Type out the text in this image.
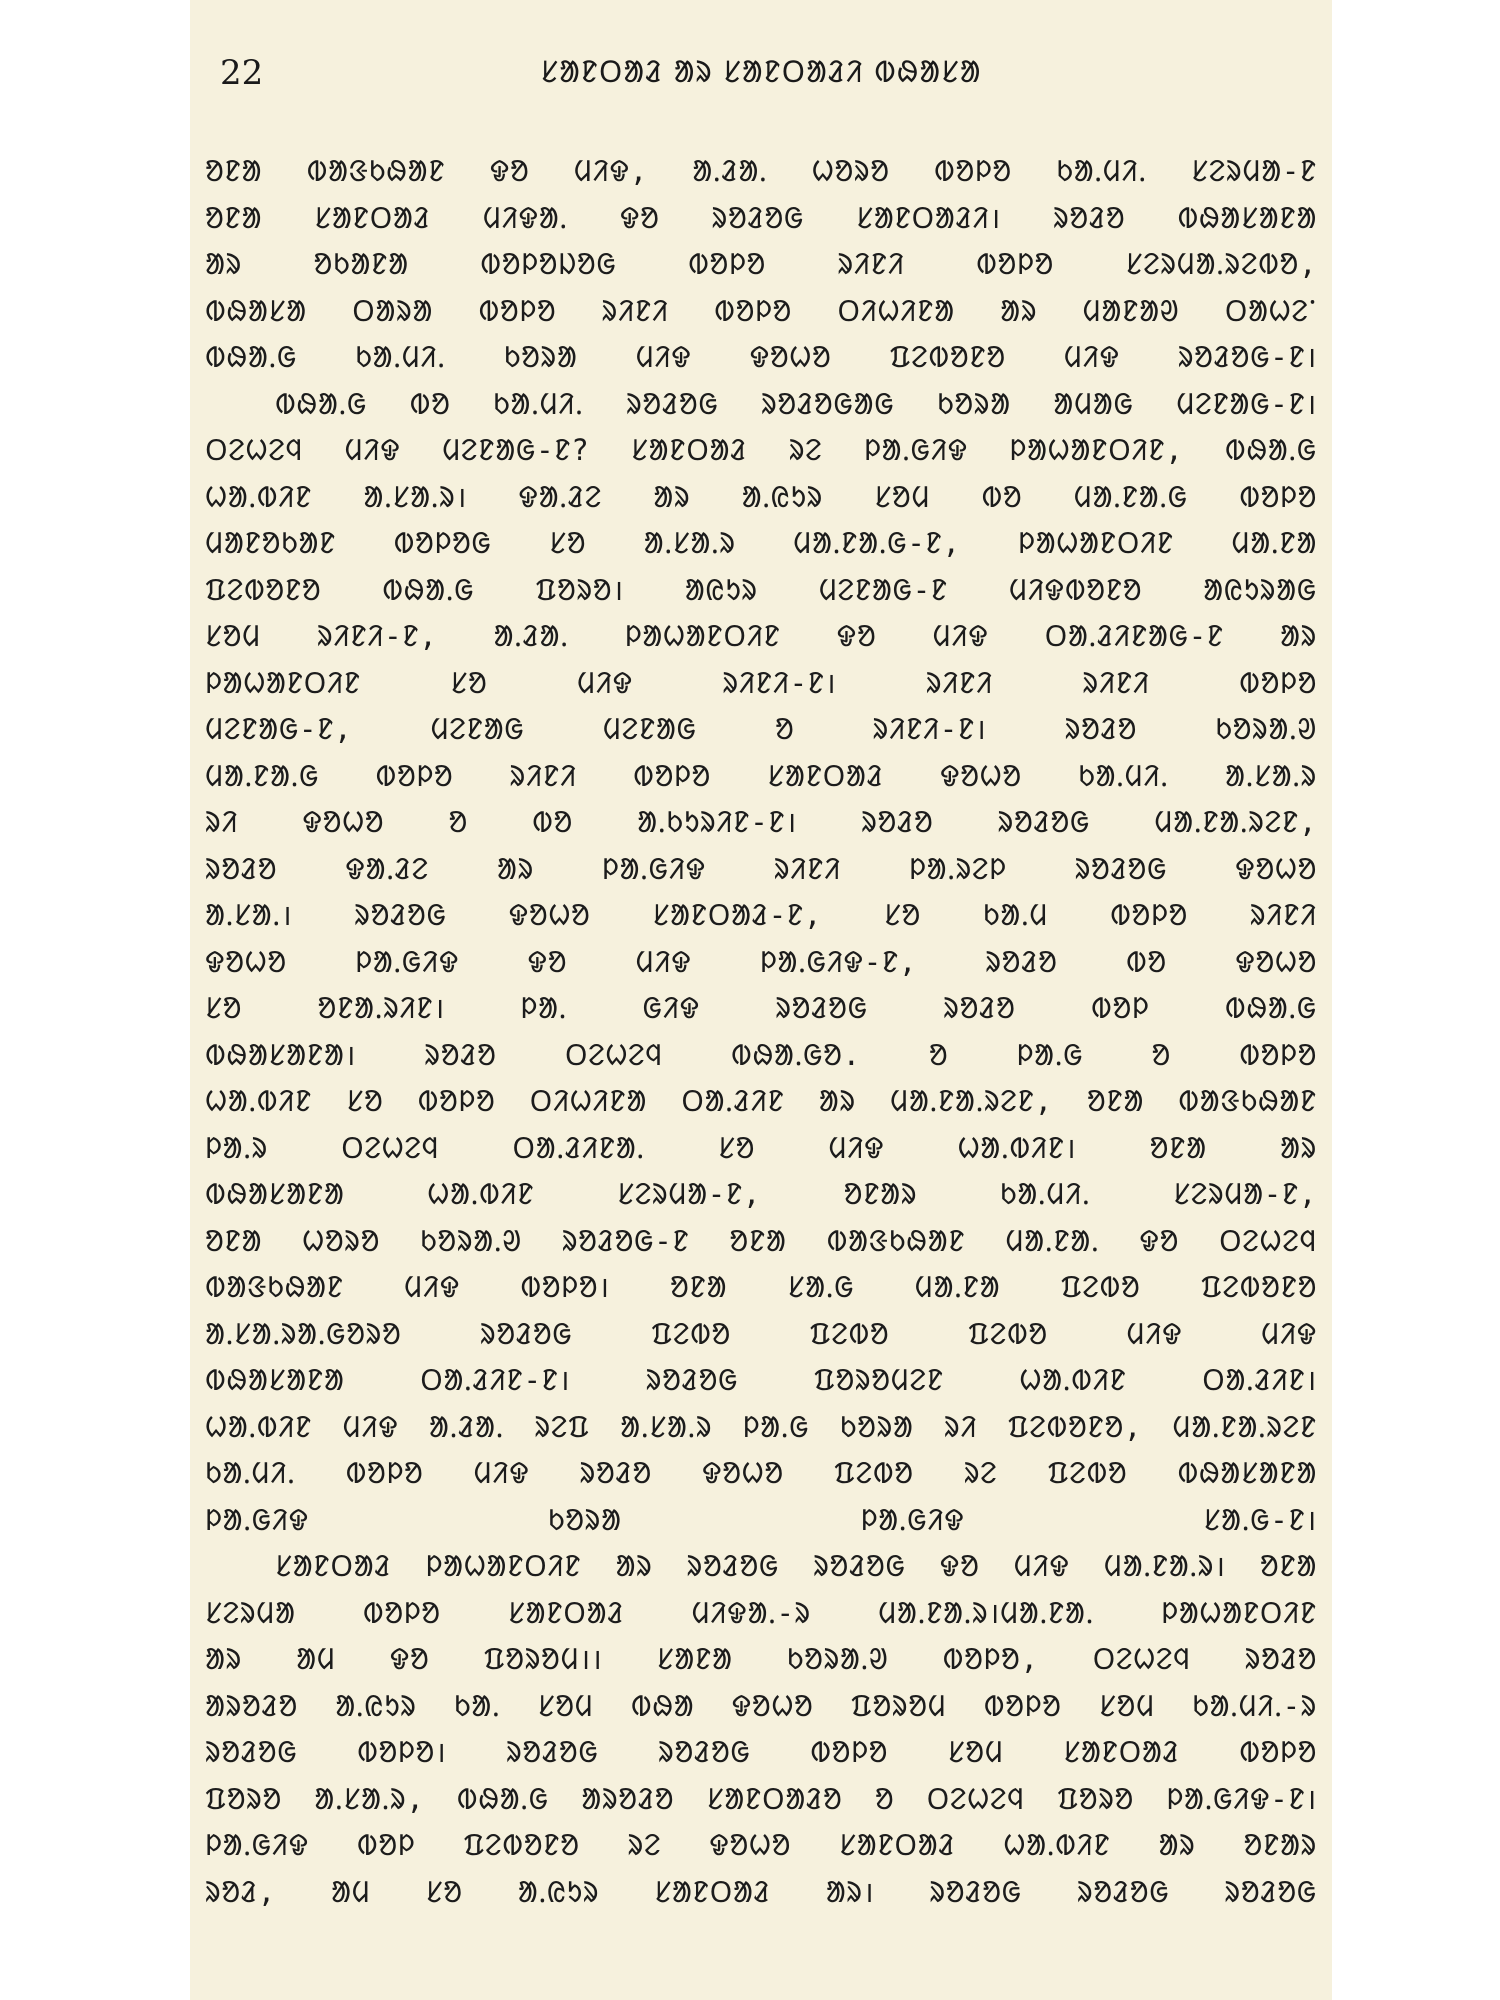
22	ᱥᱟᱱᱛᱟᱲ ᱟᱨ ᱥᱟᱱᱛᱟᱲᱤ ᱵᱷᱟᱥᱟ
ᱚᱱᱟ ᱵᱟᱝᱠᱷᱟᱱ ᱫᱚ ᱢᱤᱫ, ᱟᱹᱲᱟᱹ ᱦᱚᱨᱚ ᱵᱚᱞᱚ ᱠᱟᱹᱢᱤᱹ ᱥᱮᱨᱢᱟ-ᱱ
ᱚᱱᱟ ᱥᱟᱱᱛᱟᱲ ᱢᱤᱫᱟᱹ ᱫᱚ ᱨᱚᱲᱚᱜ ᱥᱟᱱᱛᱟᱲᱤ। ᱨᱚᱲᱚ ᱵᱷᱟᱥᱟᱱᱟ
ᱟᱨ ᱚᱠᱟᱱᱟ ᱵᱚᱞᱚᱡᱚᱜ ᱵᱚᱞᱚ ᱨᱤᱱᱤ ᱵᱚᱞᱚ ᱥᱮᱨᱢᱟᱹᱨᱮᱵᱚ,
ᱵᱷᱟᱥᱟ ᱛᱟᱨᱟ ᱵᱚᱞᱚ ᱨᱤᱱᱤ ᱵᱚᱞᱚ ᱛᱤᱦᱤᱱᱟ ᱟᱨ ᱢᱟᱱᱟᱣ ᱛᱟᱦᱮᱸ
ᱵᱷᱟᱹᱜ ᱠᱟᱹᱢᱤᱹ ᱠᱚᱨᱟ ᱢᱤᱫ ᱫᱚᱦᱚ ᱯᱮᱵᱚᱱᱚ ᱢᱤᱫ ᱨᱚᱲᱚᱜ-ᱱ।
ᱵᱷᱟᱹᱜ ᱵᱚ ᱠᱟᱹᱢᱤᱹ ᱨᱚᱲᱚᱜ ᱨᱚᱲᱚᱜᱟᱜ ᱠᱚᱨᱟ ᱟᱢᱟᱜ ᱢᱮᱱᱟᱜ-ᱱ।
ᱛᱮᱦᱮᱧ ᱢᱤᱫ ᱢᱮᱱᱟᱜ-ᱱ? ᱥᱟᱱᱛᱟᱲ ᱨᱮ ᱞᱟᱹᱜᱤᱫ ᱞᱟᱦᱟᱱᱛᱤᱱ, ᱵᱷᱟᱹᱜ
ᱦᱟᱹᱵᱤᱱ ᱟᱹᱥᱟᱹᱨ। ᱫᱟᱹᱲᱮ ᱟᱨ ᱟᱹᱭᱩᱨ ᱥᱚᱢ ᱵᱚ ᱢᱟᱹᱱᱟᱹᱜ ᱵᱚᱞᱚ
ᱢᱟᱱᱚᱠᱟᱱ ᱵᱚᱞᱚᱜ ᱥᱚ ᱟᱹᱥᱟᱹᱨ ᱢᱟᱹᱱᱟᱹᱜ-ᱱ, ᱞᱟᱦᱟᱱᱛᱤᱱ ᱢᱟᱹᱱᱟ
ᱯᱮᱵᱚᱱᱚ ᱵᱷᱟᱹᱜ ᱯᱚᱨᱚ। ᱟᱭᱩᱨ ᱢᱮᱱᱟᱜ-ᱱ ᱢᱤᱫᱵᱚᱱᱚ ᱟᱭᱩᱨᱟᱜ
ᱥᱚᱢ ᱨᱤᱱᱤ-ᱱ, ᱟᱹᱲᱟᱹ ᱞᱟᱦᱟᱱᱛᱤᱱ ᱫᱚ ᱢᱤᱫ ᱛᱟᱹᱲᱤᱱᱟᱜ-ᱱ ᱟᱨ
ᱞᱟᱦᱟᱱᱛᱤᱱ ᱥᱚ ᱢᱤᱫ ᱨᱤᱱᱤ-ᱱ। ᱨᱤᱱᱤ ᱨᱤᱱᱤ ᱵᱚᱞᱚ
ᱢᱮᱱᱟᱜ-ᱱ, ᱢᱮᱱᱟᱜ ᱢᱮᱱᱟᱜ ᱚ ᱨᱤᱱᱤ-ᱱ। ᱨᱚᱲᱚ ᱠᱚᱨᱟᱹᱣ
ᱢᱟᱹᱱᱟᱹᱜ ᱵᱚᱞᱚ ᱨᱤᱱᱤ ᱵᱚᱞᱚ ᱥᱟᱱᱛᱟᱲ ᱫᱚᱦᱚ ᱠᱟᱹᱢᱤᱹ ᱟᱹᱥᱟᱹᱨ
ᱨᱤ ᱫᱚᱦᱚ ᱚ ᱵᱚ ᱟᱹᱠᱩᱨᱤᱱ-ᱱ। ᱨᱚᱲᱚ ᱨᱚᱲᱚᱜ ᱢᱟᱹᱱᱟᱹᱨᱮᱱ,
ᱨᱚᱲᱚ ᱫᱟᱹᱲᱮ ᱟᱨ ᱞᱟᱹᱜᱤᱫ ᱨᱤᱱᱤ ᱞᱟᱹᱨᱮᱞ ᱨᱚᱲᱚᱜ ᱫᱚᱦᱚ
ᱟᱹᱥᱟᱹ। ᱨᱚᱲᱚᱜ ᱫᱚᱦᱚ ᱥᱟᱱᱛᱟᱲ-ᱱ, ᱥᱚ ᱠᱟᱹᱢ ᱵᱚᱞᱚ ᱨᱤᱱᱤ
ᱫᱚᱦᱚ ᱞᱟᱹᱜᱤᱫ ᱫᱚ ᱢᱤᱫ ᱞᱟᱹᱜᱤᱫ-ᱱ, ᱨᱚᱲᱚ ᱵᱚ ᱫᱚᱦᱚ
ᱥᱚ ᱚᱱᱟᱹᱨᱤᱱ। ᱞᱟᱹ ᱜᱤᱫ ᱨᱚᱲᱚᱜ ᱨᱚᱲᱚ ᱵᱚᱞ ᱵᱷᱟᱹᱜ
ᱵᱷᱟᱥᱟᱱᱟ। ᱨᱚᱲᱚ ᱛᱮᱦᱮᱧ ᱵᱷᱟᱹᱜᱚ. ᱚ ᱞᱟᱹᱜ ᱚ ᱵᱚᱞᱚ
ᱦᱟᱹᱵᱤᱱ ᱥᱚ ᱵᱚᱞᱚ ᱛᱤᱦᱤᱱᱟ ᱛᱟᱹᱲᱤᱱ ᱟᱨ ᱢᱟᱹᱱᱟᱹᱨᱮᱱ, ᱚᱱᱟ ᱵᱟᱝᱠᱷᱟᱱ
ᱞᱟᱹᱨ ᱛᱮᱦᱮᱧ ᱛᱟᱹᱲᱤᱱᱟᱹ ᱥᱚ ᱢᱤᱫ ᱦᱟᱹᱵᱤᱱ। ᱚᱱᱟ ᱟᱨ
ᱵᱷᱟᱥᱟᱱᱟ ᱦᱟᱹᱵᱤᱱ ᱥᱮᱨᱢᱟ-ᱱ, ᱚᱱᱟᱨ ᱠᱟᱹᱢᱤᱹ ᱥᱮᱨᱢᱟ-ᱱ,
ᱚᱱᱟ ᱦᱚᱨᱚ ᱠᱚᱨᱟᱹᱣ ᱨᱚᱲᱚᱜ-ᱱ ᱚᱱᱟ ᱵᱟᱝᱠᱷᱟᱱ ᱢᱟᱹᱱᱟᱹ ᱫᱚ ᱛᱮᱦᱮᱧ
ᱵᱟᱝᱠᱷᱟᱱ ᱢᱤᱫ ᱵᱚᱞᱚ। ᱚᱱᱟ ᱥᱟᱹᱜ ᱢᱟᱹᱱᱟ ᱯᱮᱵᱚ ᱯᱮᱵᱚᱱᱚ
ᱟᱹᱥᱟᱹᱨᱟᱹᱜᱚᱨᱚ ᱨᱚᱲᱚᱜ ᱯᱮᱵᱚ ᱯᱮᱵᱚ ᱯᱮᱵᱚ ᱢᱤᱫ ᱢᱤᱫ
ᱵᱷᱟᱥᱟᱱᱟ ᱛᱟᱹᱲᱤᱱ-ᱱ। ᱨᱚᱲᱚᱜ ᱯᱚᱨᱚᱢᱮᱱ ᱦᱟᱹᱵᱤᱱ ᱛᱟᱹᱲᱤᱱ।
ᱦᱟᱹᱵᱤᱱ ᱢᱤᱫ ᱟᱹᱲᱟᱹ ᱨᱮᱯ ᱟᱹᱥᱟᱹᱨ ᱞᱟᱹᱜ ᱠᱚᱨᱟ ᱨᱤ ᱯᱮᱵᱚᱱᱚ, ᱢᱟᱹᱱᱟᱹᱨᱮᱱ
ᱠᱟᱹᱢᱤᱹ ᱵᱚᱞᱚ ᱢᱤᱫ ᱨᱚᱲᱚ ᱫᱚᱦᱚ ᱯᱮᱵᱚ ᱨᱮ ᱯᱮᱵᱚ ᱵᱷᱟᱥᱟᱱᱟ
ᱞᱟᱹᱜᱤᱫ ᱠᱚᱨᱟ ᱞᱟᱹᱜᱤᱫ ᱥᱟᱹᱜ-ᱱ।
ᱥᱟᱱᱛᱟᱲ ᱞᱟᱦᱟᱱᱛᱤᱱ ᱟᱨ ᱨᱚᱲᱚᱜ ᱨᱚᱲᱚᱜ ᱫᱚ ᱢᱤᱫ ᱢᱟᱹᱱᱟᱹᱨ। ᱚᱱᱟ
ᱥᱮᱨᱢᱟ ᱵᱚᱞᱚ ᱥᱟᱱᱛᱟᱲ ᱢᱤᱫᱟᱹ-ᱨ ᱢᱟᱹᱱᱟᱹᱨ।ᱢᱟᱹᱱᱟᱹ ᱞᱟᱦᱟᱱᱛᱤᱱ
ᱟᱨ ᱟᱢ ᱫᱚ ᱯᱚᱨᱚᱢ।। ᱥᱟᱱᱟ ᱠᱚᱨᱟᱹᱣ ᱵᱚᱞᱚ, ᱛᱮᱦᱮᱧ ᱨᱚᱲᱚ
ᱟᱨᱚᱲᱚ ᱟᱹᱭᱩᱨ ᱠᱟᱹ ᱥᱚᱢ ᱵᱷᱟ ᱫᱚᱦᱚ ᱯᱚᱨᱚᱢ ᱵᱚᱞᱚ ᱥᱚᱢ ᱠᱟᱹᱢᱤᱹ-ᱨ
ᱨᱚᱲᱚᱜ ᱵᱚᱞᱚ। ᱨᱚᱲᱚᱜ ᱨᱚᱲᱚᱜ ᱵᱚᱞᱚ ᱥᱚᱢ ᱥᱟᱱᱛᱟᱲ ᱵᱚᱞᱚ
ᱯᱚᱨᱚ ᱟᱹᱥᱟᱹᱨ, ᱵᱷᱟᱹᱜ ᱟᱨᱚᱲᱚ ᱥᱟᱱᱛᱟᱲᱚ ᱚ ᱛᱮᱦᱮᱧ ᱯᱚᱨᱚ ᱞᱟᱹᱜᱤᱫ-ᱱ।
ᱞᱟᱹᱜᱤᱫ ᱵᱚᱞ ᱯᱮᱵᱚᱱᱚ ᱨᱮ ᱫᱚᱦᱚ ᱥᱟᱱᱛᱟᱲ ᱦᱟᱹᱵᱤᱱ ᱟᱨ ᱚᱱᱟᱨ
ᱨᱚᱲ, ᱟᱢ ᱥᱚ ᱟᱹᱭᱩᱨ ᱥᱟᱱᱛᱟᱲ ᱟᱨ। ᱨᱚᱲᱚᱜ ᱨᱚᱲᱚᱜ ᱨᱚᱲᱚᱜ
